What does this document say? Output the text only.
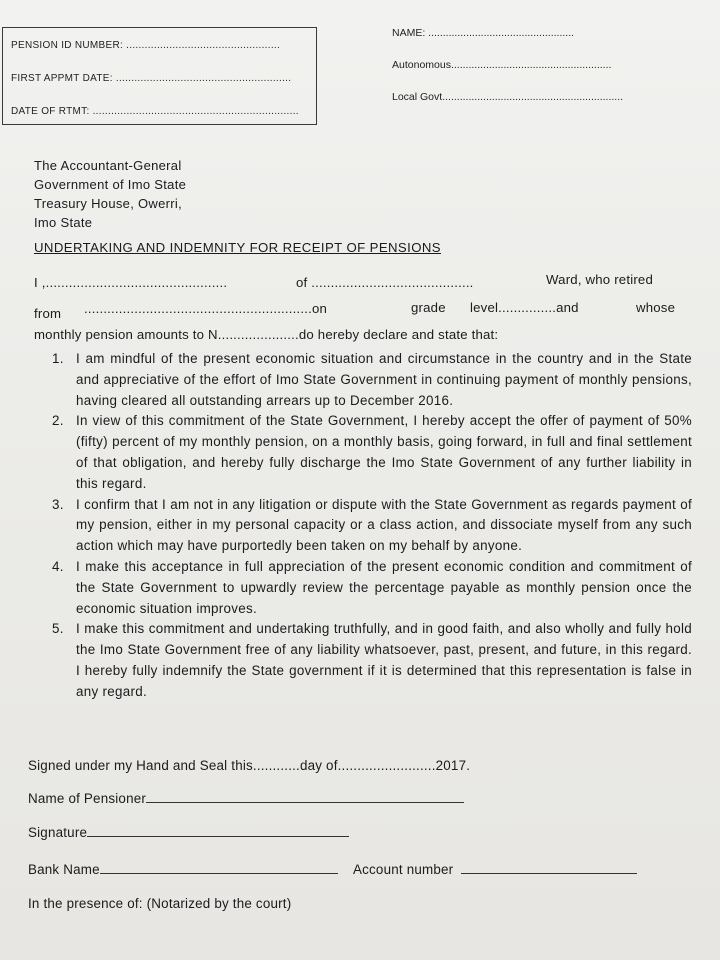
PENSION ID NUMBER: ..................................................
FIRST APPMT DATE: .........................................................
DATE OF RTMT: ...................................................................
NAME: ..................................................
Autonomous.......................................................
Local Govt..............................................................
The Accountant-General
Government of Imo State
Treasury House, Owerri,
Imo State
UNDERTAKING AND INDEMNITY FOR RECEIPT OF PENSIONS
I ,...............................................	of ..........................................	Ward, who retired
from ...........................................................on	grade level...............and	whose
monthly pension amounts to N.....................do hereby declare and state that:
1. I am mindful of the present economic situation and circumstance in the country and in the State and appreciative of the effort of Imo State Government in continuing payment of monthly pensions, having cleared all outstanding arrears up to December 2016.
2. In view of this commitment of the State Government, I hereby accept the offer of payment of 50% (fifty) percent of my monthly pension, on a monthly basis, going forward, in full and final settlement of that obligation, and hereby fully discharge the Imo State Government of any further liability in this regard.
3. I confirm that I am not in any litigation or dispute with the State Government as regards payment of my pension, either in my personal capacity or a class action, and dissociate myself from any such action which may have purportedly been taken on my behalf by anyone.
4. I make this acceptance in full appreciation of the present economic condition and commitment of the State Government to upwardly review the percentage payable as monthly pension once the economic situation improves.
5. I make this commitment and undertaking truthfully, and in good faith, and also wholly and fully hold the Imo State Government free of any liability whatsoever, past, present, and future, in this regard. I hereby fully indemnify the State government if it is determined that this representation is false in any regard.
Signed under my Hand and Seal this............day of.........................2017.
Name of Pensioner
Signature
Bank Name	Account number
In the presence of: (Notarized by the court)
